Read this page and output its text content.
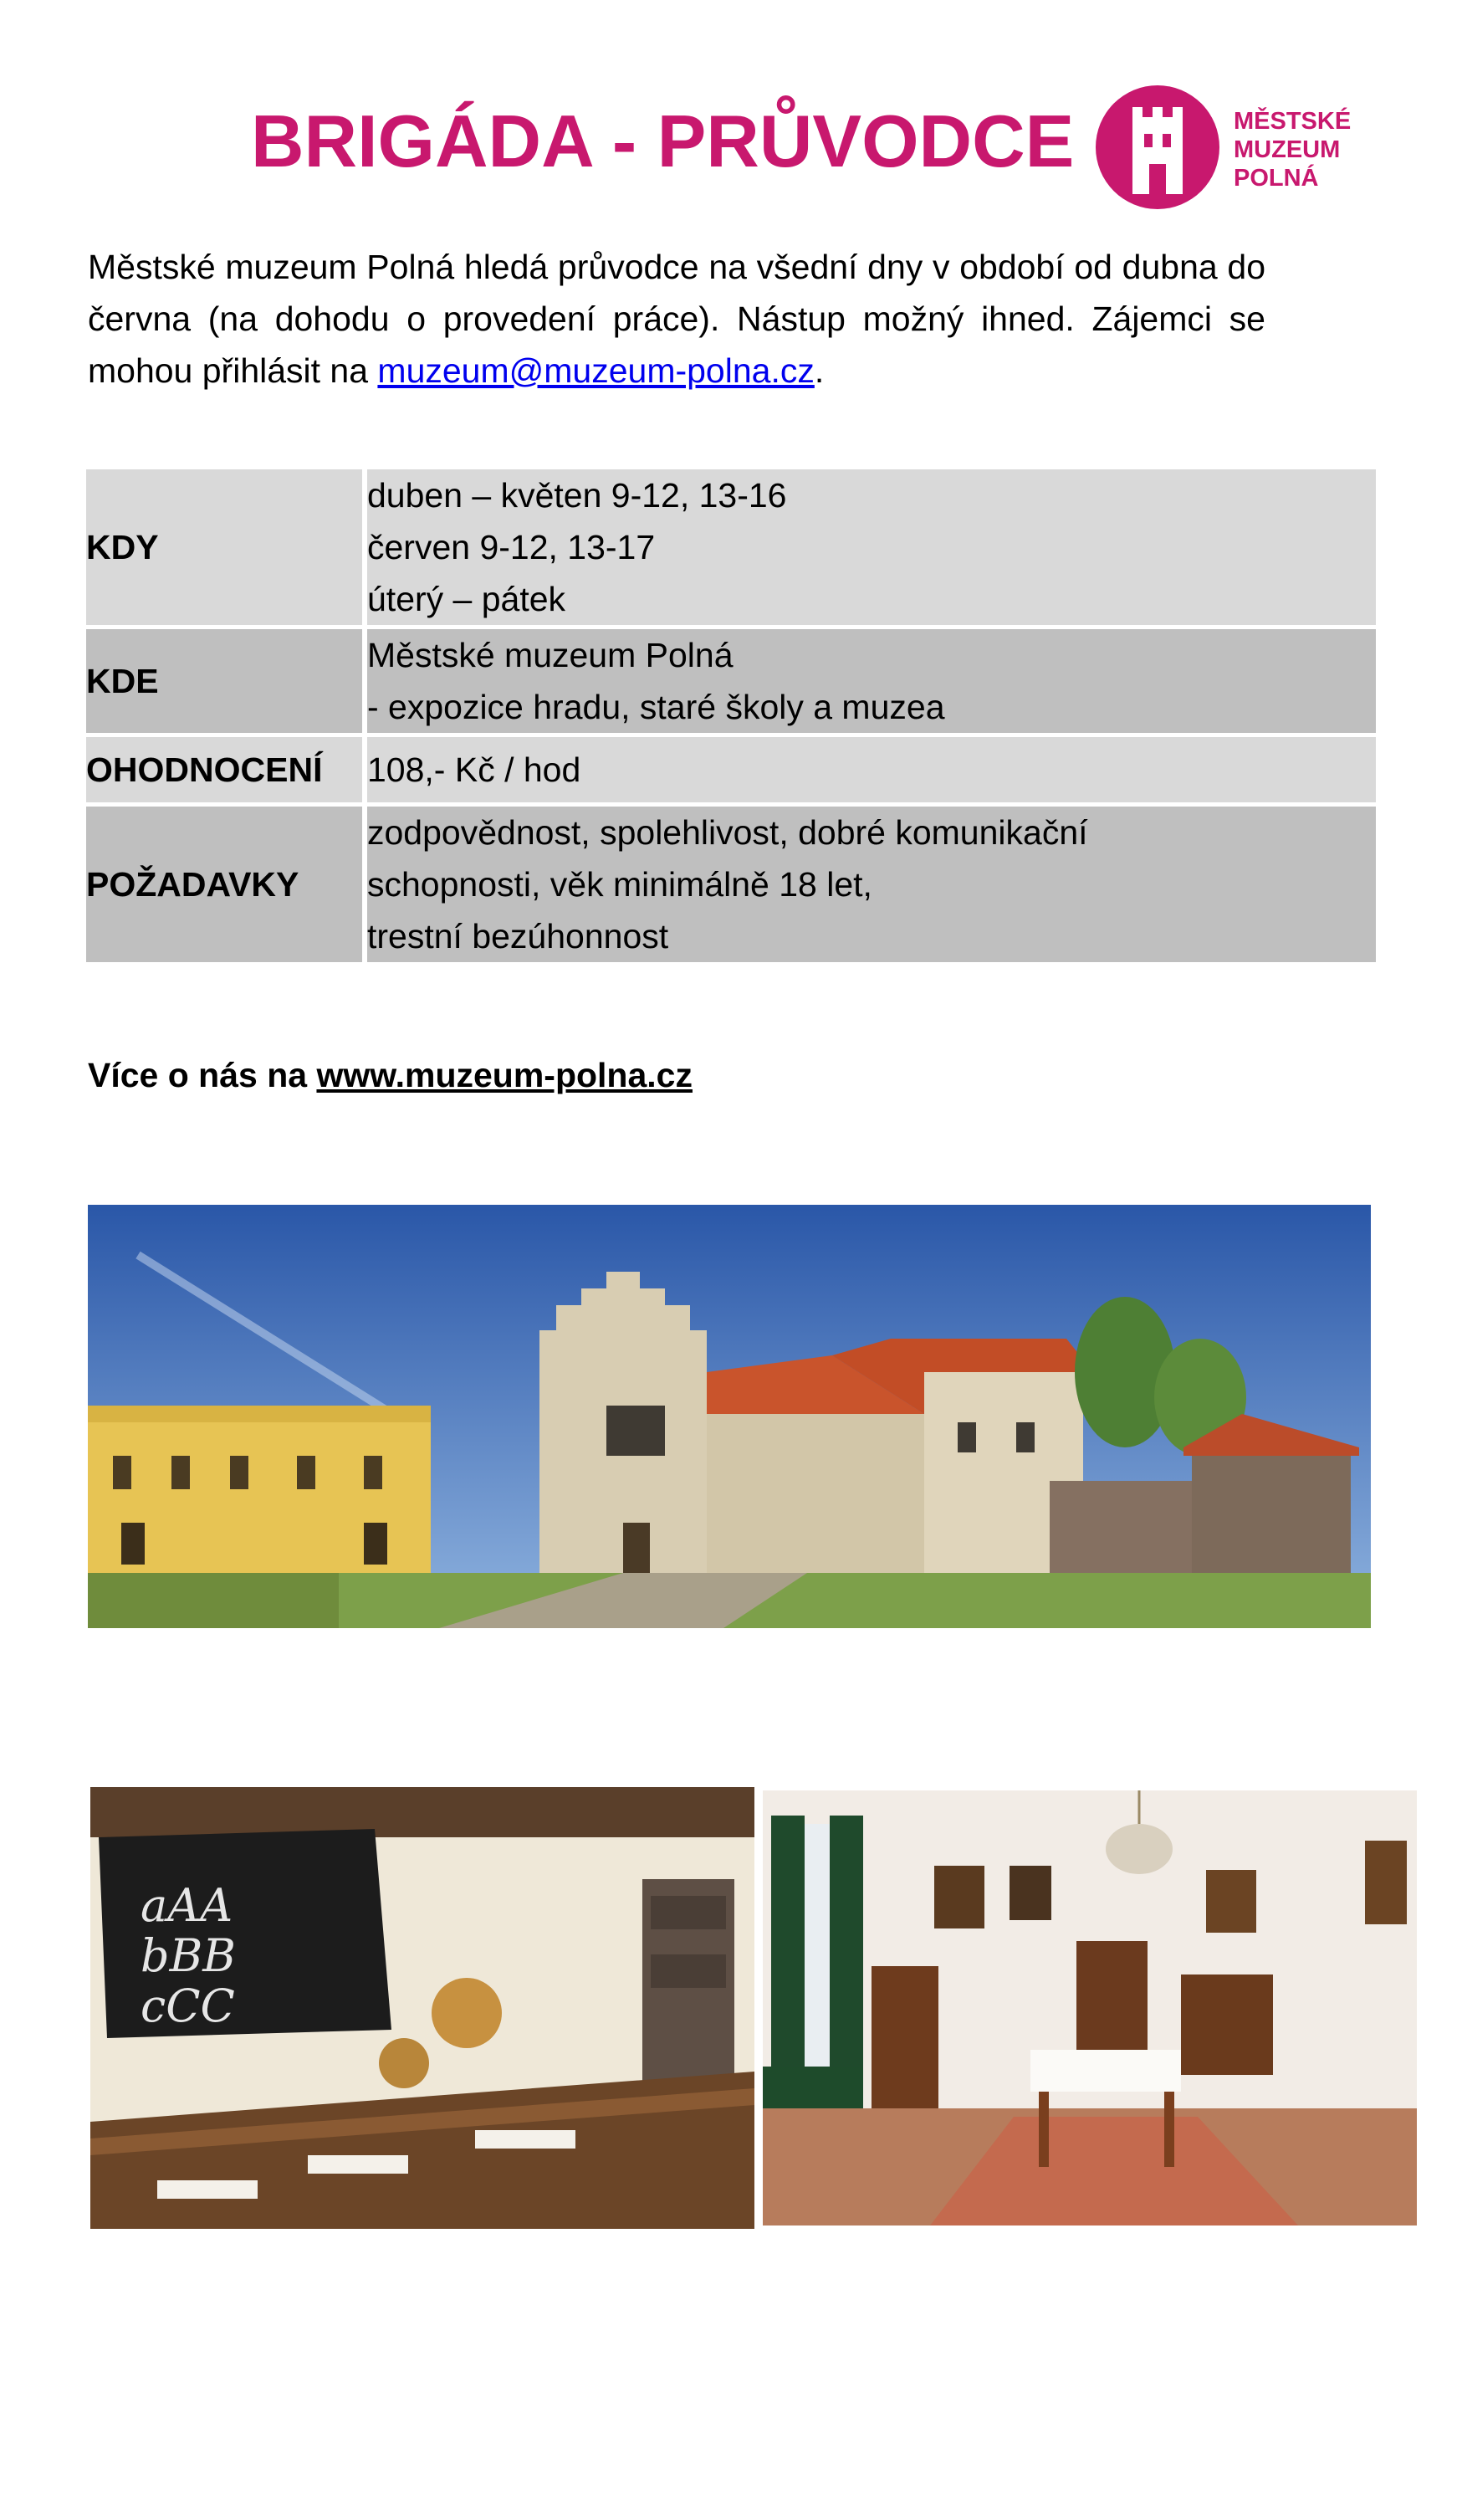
BRIGÁDA - PRŮVODCE	MĚSTSKÉ
MUZEUM
POLNÁ
Městské muzeum Polná hledá průvodce na všední dny v období od dubna do června (na dohodu o provedení práce). Nástup možný ihned. Zájemci se mohou přihlásit na muzeum@muzeum-polna.cz.
KDY	duben – květen 9-12, 13-16
červen 9-12, 13-17
úterý – pátek

KDE	Městské muzeum Polná
- expozice hradu, staré školy a muzea

OHODNOCENÍ	108,- Kč / hod

POŽADAVKY	zodpovědnost, spolehlivost, dobré komunikační
schopnosti, věk minimálně 18 let,
trestní bezúhonnost
Více o nás na www.muzeum-polna.cz
aAA
bBB
cCC
